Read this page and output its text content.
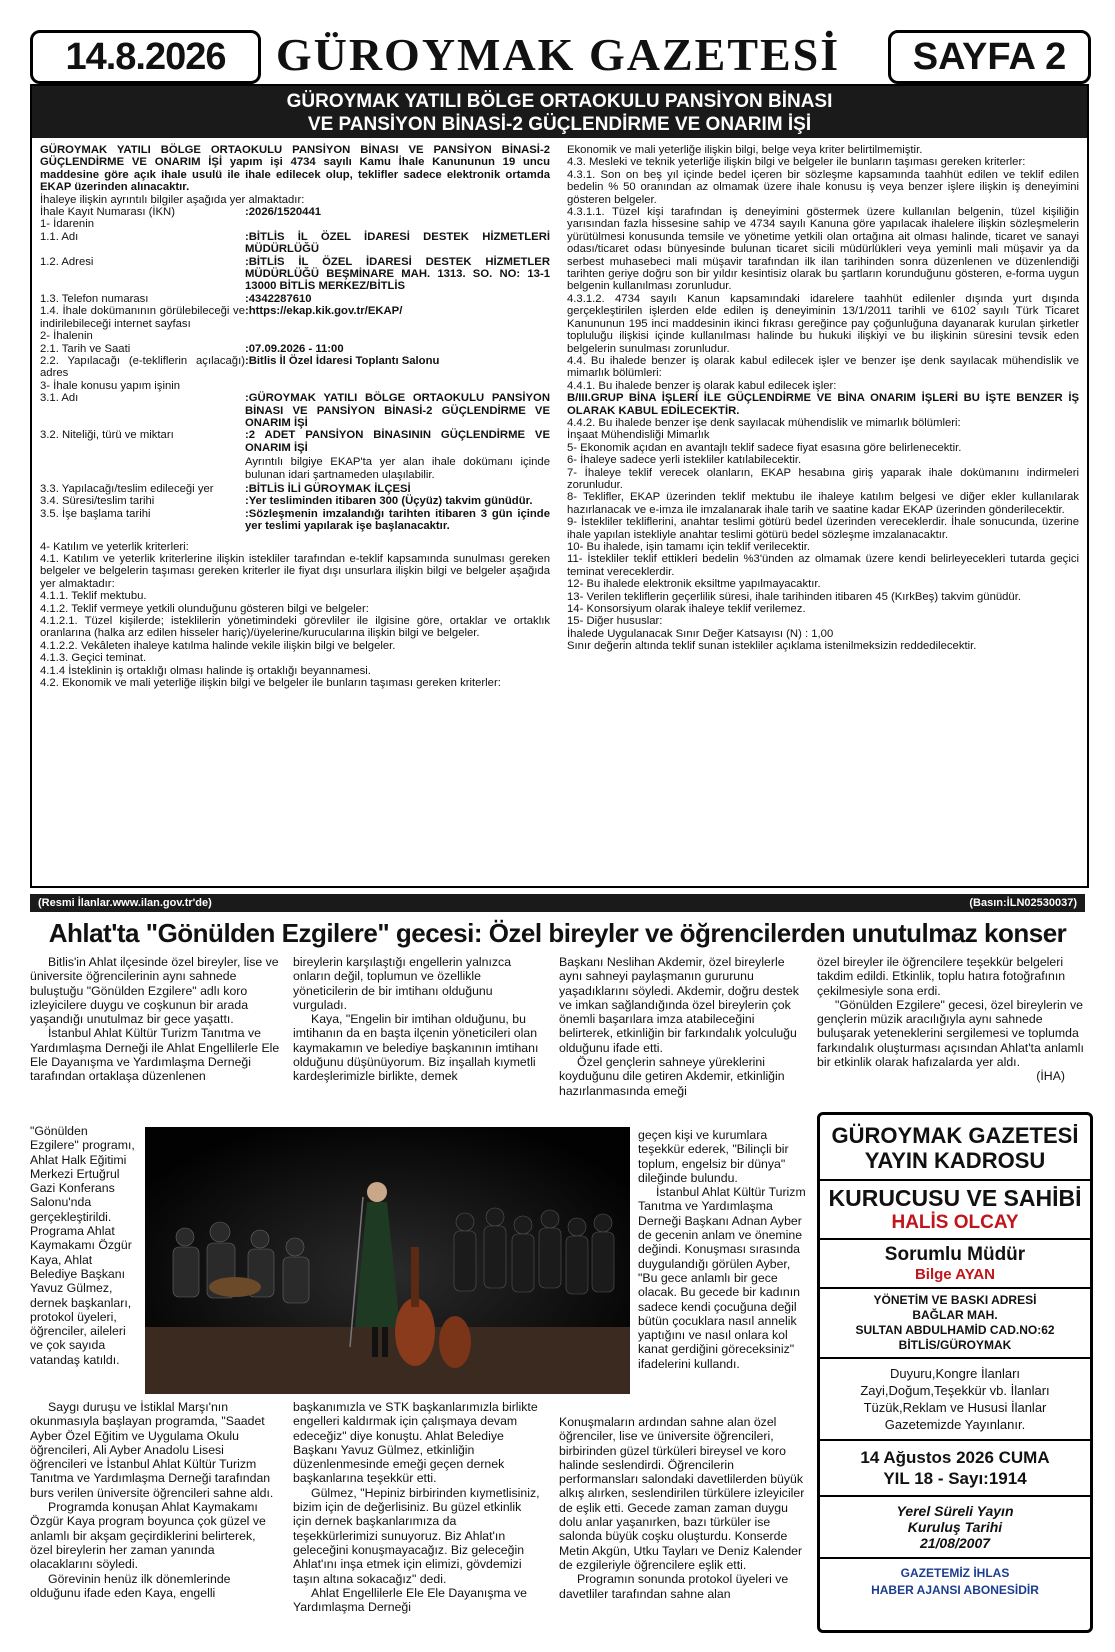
14.8.2026	GÜROYMAK GAZETESİ	SAYFA 2
GÜROYMAK YATILI BÖLGE ORTAOKULU PANSİYON BİNASI
VE PANSİYON BİNASİ-2 GÜÇLENDİRME VE ONARIM İŞİ

GÜROYMAK YATILI BÖLGE ORTAOKULU PANSİYON BİNASI VE PANSİYON BİNASİ-2 GÜÇLENDİRME VE ONARIM İŞİ yapım işi 4734 sayılı Kamu İhale Kanununun 19 uncu maddesine göre açık ihale usulü ile ihale edilecek olup, teklifler sadece elektronik ortamda EKAP üzerinden alınacaktır.

İhaleye ilişkin ayrıntılı bilgiler aşağıda yer almaktadır:

İhale Kayıt Numarası (İKN)	:2026/1520441
1- İdarenin
1.1. Adı	:BİTLİS İL ÖZEL İDARESİ DESTEK HİZMETLERİ MÜDÜRLÜĞÜ
1.2. Adresi	:BİTLİS İL ÖZEL İDARESİ DESTEK HİZMETLER MÜDÜRLÜĞÜ BEŞMİNARE MAH. 1313. SO. NO: 13-1 13000 BİTLİS MERKEZ/BİTLİS
1.3. Telefon numarası	:4342287610
1.4. İhale dokümanının görülebileceği ve indirilebileceği internet sayfası
:https://ekap.kik.gov.tr/EKAP/
2- İhalenin
2.1. Tarih ve Saati	:07.09.2026 - 11:00
2.2. Yapılacağı (e-tekliflerin açılacağı) adres
:Bitlis İl Özel İdaresi Toplantı Salonu
3- İhale konusu yapım işinin
3.1. Adı	:GÜROYMAK YATILI BÖLGE ORTAOKULU PANSİYON BİNASI VE PANSİYON BİNASİ-2 GÜÇLENDİRME VE ONARIM İŞİ
3.2. Niteliği, türü ve miktarı	:2 ADET PANSİYON BİNASININ GÜÇLENDİRME VE ONARIM İŞİ

Ayrıntılı bilgiye EKAP'ta yer alan ihale dokümanı içinde bulunan idari şartnameden ulaşılabilir.

3.3. Yapılacağı/teslim edileceği yer	:BİTLİS İLİ GÜROYMAK İLÇESİ
3.4. Süresi/teslim tarihi	:Yer tesliminden itibaren 300 (Üçyüz) takvim günüdür.
3.5. İşe başlama tarihi	:Sözleşmenin imzalandığı tarihten itibaren 3 gün içinde yer teslimi yapılarak işe başlanacaktır.

4- Katılım ve yeterlik kriterleri:

4.1. Katılım ve yeterlik kriterlerine ilişkin istekliler tarafından e-teklif kapsamında sunulması gereken belgeler ve belgelerin taşıması gereken kriterler ile fiyat dışı unsurlara ilişkin bilgi ve belgeler aşağıda yer almaktadır:

4.1.1. Teklif mektubu.

4.1.2. Teklif vermeye yetkili olunduğunu gösteren bilgi ve belgeler:

4.1.2.1. Tüzel kişilerde; isteklilerin yönetimindeki görevliler ile ilgisine göre, ortaklar ve ortaklık oranlarına (halka arz edilen hisseler hariç)/üyelerine/kurucularına ilişkin bilgi ve belgeler.

4.1.2.2. Vekâleten ihaleye katılma halinde vekile ilişkin bilgi ve belgeler.

4.1.3. Geçici teminat.

4.1.4 İsteklinin iş ortaklığı olması halinde iş ortaklığı beyannamesi.

4.2. Ekonomik ve mali yeterliğe ilişkin bilgi ve belgeler ile bunların taşıması gereken kriterler:

Ekonomik ve mali yeterliğe ilişkin bilgi, belge veya kriter belirtilmemiştir.

4.3. Mesleki ve teknik yeterliğe ilişkin bilgi ve belgeler ile bunların taşıması gereken kriterler:

4.3.1. Son on beş yıl içinde bedel içeren bir sözleşme kapsamında taahhüt edilen ve teklif edilen bedelin % 50 oranından az olmamak üzere ihale konusu iş veya benzer işlere ilişkin iş deneyimini gösteren belgeler.

4.3.1.1. Tüzel kişi tarafından iş deneyimini göstermek üzere kullanılan belgenin, tüzel kişiliğin yarısından fazla hissesine sahip ve 4734 sayılı Kanuna göre yapılacak ihalelere ilişkin sözleşmelerin yürütülmesi konusunda temsile ve yönetime yetkili olan ortağına ait olması halinde, ticaret ve sanayi odası/ticaret odası bünyesinde bulunan ticaret sicili müdürlükleri veya yeminli mali müşavir ya da serbest muhasebeci mali müşavir tarafından ilk ilan tarihinden sonra düzenlenen ve düzenlendiği tarihten geriye doğru son bir yıldır kesintisiz olarak bu şartların korunduğunu gösteren, e-forma uygun belgenin kullanılması zorunludur.

4.3.1.2. 4734 sayılı Kanun kapsamındaki idarelere taahhüt edilenler dışında yurt dışında gerçekleştirilen işlerden elde edilen iş deneyiminin 13/1/2011 tarihli ve 6102 sayılı Türk Ticaret Kanununun 195 inci maddesinin ikinci fıkrası gereğince pay çoğunluğuna dayanarak kurulan şirketler topluluğu ilişkisi içinde kullanılması halinde bu hukuki ilişkiyi ve bu ilişkinin süresini tevsik eden belgelerin sunulması zorunludur.

4.4. Bu ihalede benzer iş olarak kabul edilecek işler ve benzer işe denk sayılacak mühendislik ve mimarlık bölümleri:

4.4.1. Bu ihalede benzer iş olarak kabul edilecek işler:

B/III.GRUP BİNA İŞLERİ İLE GÜÇLENDİRME VE BİNA ONARIM İŞLERİ BU İŞTE BENZER İŞ OLARAK KABUL EDİLECEKTİR.

4.4.2. Bu ihalede benzer işe denk sayılacak mühendislik ve mimarlık bölümleri:

İnşaat Mühendisliği Mimarlık

5- Ekonomik açıdan en avantajlı teklif sadece fiyat esasına göre belirlenecektir.

6- İhaleye sadece yerli istekliler katılabilecektir.

7- İhaleye teklif verecek olanların, EKAP hesabına giriş yaparak ihale dokümanını indirmeleri zorunludur.

8- Teklifler, EKAP üzerinden teklif mektubu ile ihaleye katılım belgesi ve diğer ekler kullanılarak hazırlanacak ve e-imza ile imzalanarak ihale tarih ve saatine kadar EKAP üzerinden gönderilecektir.

9- İstekliler tekliflerini, anahtar teslimi götürü bedel üzerinden vereceklerdir. İhale sonucunda, üzerine ihale yapılan istekliyle anahtar teslimi götürü bedel sözleşme imzalanacaktır.

10- Bu ihalede, işin tamamı için teklif verilecektir.

11- İstekliler teklif ettikleri bedelin %3'ünden az olmamak üzere kendi belirleyecekleri tutarda geçici teminat vereceklerdir.

12- Bu ihalede elektronik eksiltme yapılmayacaktır.

13- Verilen tekliflerin geçerlilik süresi, ihale tarihinden itibaren 45 (KırkBeş) takvim günüdür.

14- Konsorsiyum olarak ihaleye teklif verilemez.

15- Diğer hususlar:

İhalede Uygulanacak Sınır Değer Katsayısı (N) : 1,00

Sınır değerin altında teklif sunan istekliler açıklama istenilmeksizin reddedilecektir.

(Resmi İlanlar.www.ilan.gov.tr'de)	(Basın:İLN02530037)
Ahlat'ta "Gönülden Ezgilere" gecesi: Özel bireyler ve öğrencilerden unutulmaz konser

Bitlis'in Ahlat ilçesinde özel bireyler, lise ve üniversite öğrencilerinin aynı sahnede buluştuğu "Gönülden Ezgilere" adlı koro izleyicilere duygu ve coşkunun bir arada yaşandığı unutulmaz bir gece yaşattı.

İstanbul Ahlat Kültür Turizm Tanıtma ve Yardımlaşma Derneği ile Ahlat Engellilerle Ele Ele Dayanışma ve Yardımlaşma Derneği tarafından ortaklaşa düzenlenen

"Gönülden Ezgilere" programı, Ahlat Halk Eğitimi Merkezi Ertuğrul Gazi Konferans Salonu'nda gerçekleştirildi. Programa Ahlat Kaymakamı Özgür Kaya, Ahlat Belediye Başkanı Yavuz Gülmez, dernek başkanları, protokol üyeleri, öğrenciler, aileleri ve çok sayıda vatandaş katıldı.

Saygı duruşu ve İstiklal Marşı'nın okunmasıyla başlayan programda, "Saadet Ayber Özel Eğitim ve Uygulama Okulu öğrencileri, Ali Ayber Anadolu Lisesi öğrencileri ve İstanbul Ahlat Kültür Turizm Tanıtma ve Yardımlaşma Derneği tarafından burs verilen üniversite öğrencileri sahne aldı.

Programda konuşan Ahlat Kaymakamı Özgür Kaya program boyunca çok güzel ve anlamlı bir akşam geçirdiklerini belirterek, özel bireylerin her zaman yanında olacaklarını söyledi.

Görevinin henüz ilk dönemlerinde olduğunu ifade eden Kaya, engelli

bireylerin karşılaştığı engellerin yalnızca onların değil, toplumun ve özellikle yöneticilerin de bir imtihanı olduğunu vurguladı.

Kaya, "Engelin bir imtihan olduğunu, bu imtihanın da en başta ilçenin yöneticileri olan kaymakamın ve belediye başkanının imtihanı olduğunu düşünüyorum. Biz inşallah kıymetli kardeşlerimizle birlikte, demek

başkanımızla ve STK başkanlarımızla birlikte engelleri kaldırmak için çalışmaya devam edeceğiz" diye konuştu. Ahlat Belediye Başkanı Yavuz Gülmez, etkinliğin düzenlenmesinde emeği geçen dernek başkanlarına teşekkür etti.

Gülmez, "Hepiniz birbirinden kıymetlisiniz, bizim için de değerlisiniz. Bu güzel etkinlik için dernek başkanlarımıza da teşekkürlerimizi sunuyoruz. Biz Ahlat'ın geleceğini konuşmayacağız. Biz geleceğin Ahlat'ını inşa etmek için elimizi, gövdemizi taşın altına sokacağız" dedi.

Ahlat Engellilerle Ele Ele Dayanışma ve Yardımlaşma Derneği

Başkanı Neslihan Akdemir, özel bireylerle aynı sahneyi paylaşmanın gururunu yaşadıklarını söyledi. Akdemir, doğru destek ve imkan sağlandığında özel bireylerin çok önemli başarılara imza atabileceğini belirterek, etkinliğin bir farkındalık yolculuğu olduğunu ifade etti.

Özel gençlerin sahneye yüreklerini koyduğunu dile getiren Akdemir, etkinliğin hazırlanmasında emeği

özel bireyler ile öğrencilere teşekkür belgeleri takdim edildi. Etkinlik, toplu hatıra fotoğrafının çekilmesiyle sona erdi.

"Gönülden Ezgilere" gecesi, özel bireylerin ve gençlerin müzik aracılığıyla aynı sahnede buluşarak yeteneklerini sergilemesi ve toplumda farkındalık oluşturması açısından Ahlat'ta anlamlı bir etkinlik olarak hafızalarda yer aldı.

(İHA)

geçen kişi ve kurumlara teşekkür ederek, "Bilinçli bir toplum, engelsiz bir dünya" dileğinde bulundu.

İstanbul Ahlat Kültür Turizm Tanıtma ve Yardımlaşma Derneği Başkanı Adnan Ayber de gecenin anlam ve önemine değindi. Konuşması sırasında duygulandığı görülen Ayber, "Bu gece anlamlı bir gece olacak. Bu gecede bir kadının sadece kendi çocuğuna değil bütün çocuklara nasıl annelik yaptığını ve nasıl onlara kol kanat gerdiğini göreceksiniz" ifadelerini kullandı.

Konuşmaların ardından sahne alan özel öğrenciler, lise ve üniversite öğrencileri, birbirinden güzel türküleri bireysel ve koro halinde seslendirdi. Öğrencilerin performansları salondaki davetlilerden büyük alkış alırken, seslendirilen türkülere izleyiciler de eşlik etti. Gecede zaman zaman duygu dolu anlar yaşanırken, bazı türküler ise salonda büyük coşku oluşturdu. Konserde Metin Akgün, Utku Tayları ve Deniz Kalender de ezgileriyle öğrencilere eşlik etti.

Programın sonunda protokol üyeleri ve davetliler tarafından sahne alan

GÜROYMAK GAZETESİ
YAYIN KADROSU
KURUCUSU VE SAHİBİ
HALİS OLCAY
Sorumlu Müdür
Bilge AYAN
YÖNETİM VE BASKI ADRESİ
BAĞLAR MAH.
SULTAN ABDULHAMİD CAD.NO:62
BİTLİS/GÜROYMAK
Duyuru,Kongre İlanları Zayi,Doğum,Teşekkür vb. İlanları Tüzük,Reklam ve Hususi İlanlar Gazetemizde Yayınlanır.
14 Ağustos 2026 CUMA
YIL 18 - Sayı:1914
Yerel Süreli Yayın
Kuruluş Tarihi
21/08/2007
GAZETEMİZ İHLAS
HABER AJANSI ABONESİDİR
